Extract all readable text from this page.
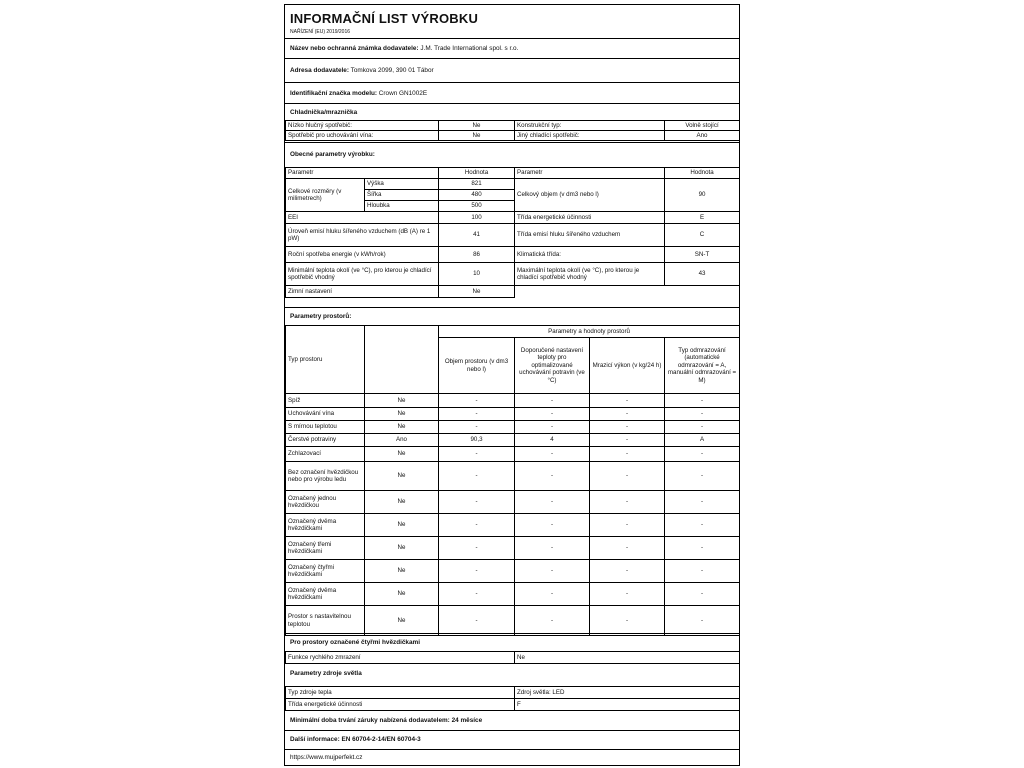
INFORMAČNÍ LIST VÝROBKU
NAŘÍZENÍ (EU) 2019/2016
Název nebo ochranná známka dodavatele: J.M. Trade International spol. s r.o.
Adresa dodavatele: Tomkova 2099, 390 01 Tábor
Identifikační značka modelu: Crown GN1002E
Chladnička/mraznička
Nízko hlučný spotřebič:	Ne	Konstrukční typ:	Volně stojící
Spotřebič pro uchovávání vína:	Ne	Jiný chladící spotřebič:	Ano
Obecné parametry výrobku:
Parametr		Hodnota	Parametr	Hodnota
Celkové rozměry (v milimetrech)	Výška	821	Celkový objem (v dm3 nebo l)	90
	Šířka	480		
	Hloubka	500		
EEI		100	Třída energetické účinnosti	E
Úroveň emisí hluku šířeného vzduchem (dB (A) re 1 pW)		41	Třída emisí hluku šířeného vzduchem	C
Roční spotřeba energie (v kWh/rok)		86	Klimatická třída:	SN-T
Minimální teplota okolí (ve °C), pro kterou je chladící spotřebič vhodný		10	Maximální teplota okolí (ve °C), pro kterou je chladící spotřebič vhodný	43
Zimní nastavení		Ne		
Parametry prostorů:
Typ prostoru		Parametry a hodnoty prostorů			
		Objem prostoru (v dm3 nebo l)	Doporučené nastavení teploty pro optimalizované uchovávání potravin (ve °C)	Mrazicí výkon (v kg/24 h)	Typ odmrazování (automatické odmrazování = A, manuální odmrazování = M)
Spíž	Ne	-	-	-	-
Uchovávání vína	Ne	-	-	-	-
S mírnou teplotou	Ne	-	-	-	-
Čerstvé potraviny	Ano	90,3	4	-	A
Zchlazovací	Ne	-	-	-	-
Bez označení hvězdičkou nebo pro výrobu ledu	Ne	-	-	-	-
Označený jednou hvězdičkou	Ne	-	-	-	-
Označený dvěma hvězdičkami	Ne	-	-	-	-
Označený třemi hvězdičkami	Ne	-	-	-	-
Označený čtyřmi hvězdičkami	Ne	-	-	-	-
Označený dvěma hvězdičkami	Ne	-	-	-	-
Prostor s nastavitelnou teplotou	Ne	-	-	-	-
Pro prostory označené čtyřmi hvězdičkami
Funkce rychlého zmrazení	Ne
Parametry zdroje světla
Typ zdroje tepla	Zdroj světla: LED
Třída energetické účinnosti	F
Minimální doba trvání záruky nabízená dodavatelem: 24 měsíce
Další informace: EN 60704-2-14/EN 60704-3
https://www.mujperfekt.cz
